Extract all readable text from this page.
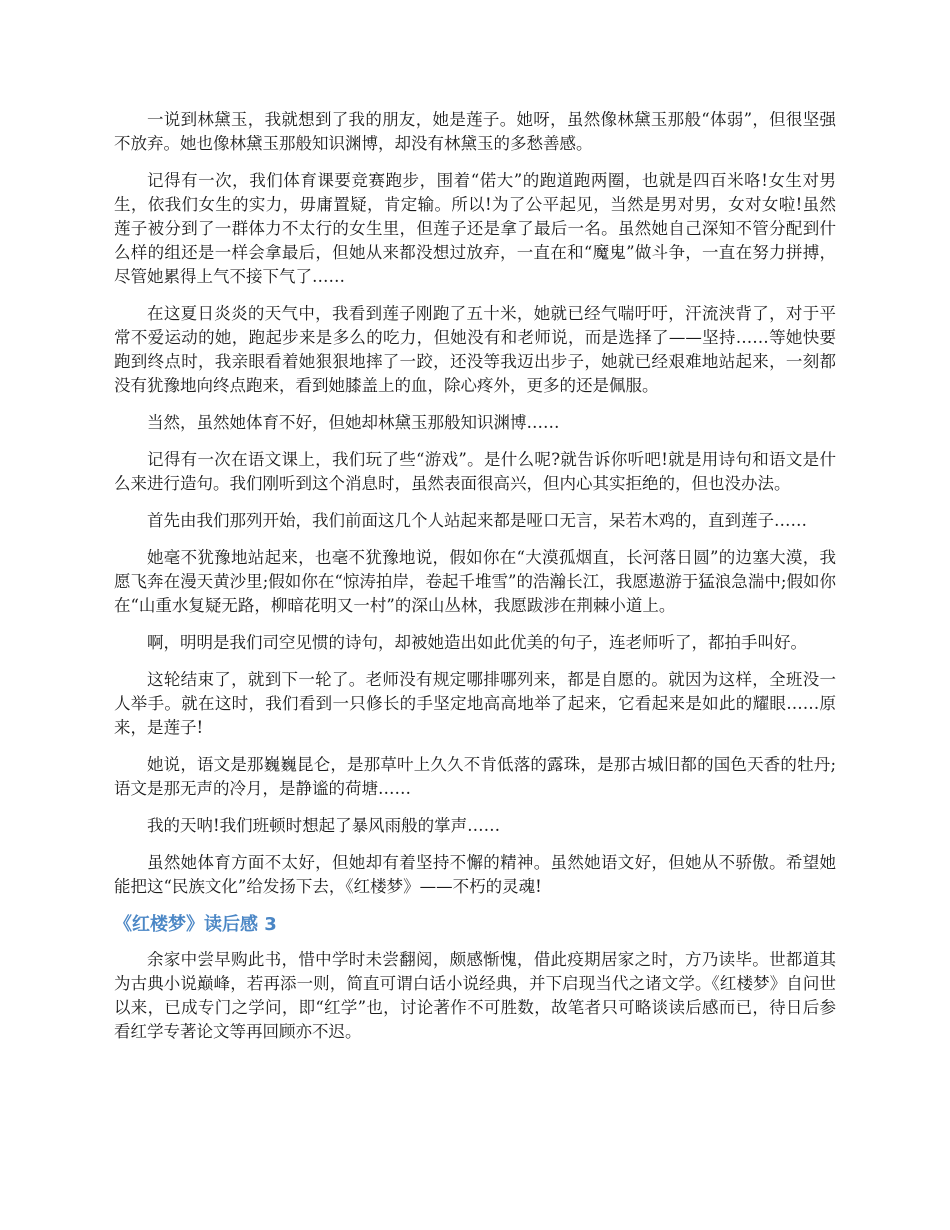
一说到林黛玉，我就想到了我的朋友，她是莲子。她呀，虽然像林黛玉那般“体弱”，但很坚强不放弃。她也像林黛玉那般知识渊博，却没有林黛玉的多愁善感。

记得有一次，我们体育课要竞赛跑步，围着“偌大”的跑道跑两圈，也就是四百米咯!女生对男生，依我们女生的实力，毋庸置疑，肯定输。所以!为了公平起见，当然是男对男，女对女啦!虽然莲子被分到了一群体力不太行的女生里，但莲子还是拿了最后一名。虽然她自己深知不管分配到什么样的组还是一样会拿最后，但她从来都没想过放弃，一直在和“魔鬼”做斗争，一直在努力拼搏，尽管她累得上气不接下气了……

在这夏日炎炎的天气中，我看到莲子刚跑了五十米，她就已经气喘吁吁，汗流浃背了，对于平常不爱运动的她，跑起步来是多么的吃力，但她没有和老师说，而是选择了——坚持……等她快要跑到终点时，我亲眼看着她狠狠地摔了一跤，还没等我迈出步子，她就已经艰难地站起来，一刻都没有犹豫地向终点跑来，看到她膝盖上的血，除心疼外，更多的还是佩服。

当然，虽然她体育不好，但她却林黛玉那般知识渊博……

记得有一次在语文课上，我们玩了些“游戏”。是什么呢?就告诉你听吧!就是用诗句和语文是什么来进行造句。我们刚听到这个消息时，虽然表面很高兴，但内心其实拒绝的，但也没办法。

首先由我们那列开始，我们前面这几个人站起来都是哑口无言，呆若木鸡的，直到莲子……

她毫不犹豫地站起来，也毫不犹豫地说，假如你在“大漠孤烟直，长河落日圆”的边塞大漠，我愿飞奔在漫天黄沙里;假如你在“惊涛拍岸，卷起千堆雪”的浩瀚长江，我愿遨游于猛浪急湍中;假如你在“山重水复疑无路，柳暗花明又一村”的深山丛林，我愿跋涉在荆棘小道上。

啊，明明是我们司空见惯的诗句，却被她造出如此优美的句子，连老师听了，都拍手叫好。

这轮结束了，就到下一轮了。老师没有规定哪排哪列来，都是自愿的。就因为这样，全班没一人举手。就在这时，我们看到一只修长的手坚定地高高地举了起来，它看起来是如此的耀眼……原来，是莲子!

她说，语文是那巍巍昆仑，是那草叶上久久不肯低落的露珠，是那古城旧都的国色天香的牡丹;语文是那无声的冷月，是静谧的荷塘……

我的天呐!我们班顿时想起了暴风雨般的掌声……

虽然她体育方面不太好，但她却有着坚持不懈的精神。虽然她语文好，但她从不骄傲。希望她能把这“民族文化”给发扬下去，《红楼梦》——不朽的灵魂!

《红楼梦》读后感 3

余家中尝早购此书，惜中学时未尝翻阅，颇感惭愧，借此疫期居家之时，方乃读毕。世都道其为古典小说巅峰，若再添一则，简直可谓白话小说经典，并下启现当代之诸文学。《红楼梦》自问世以来，已成专门之学问，即“红学”也，讨论著作不可胜数，故笔者只可略谈读后感而已，待日后参看红学专著论文等再回顾亦不迟。
